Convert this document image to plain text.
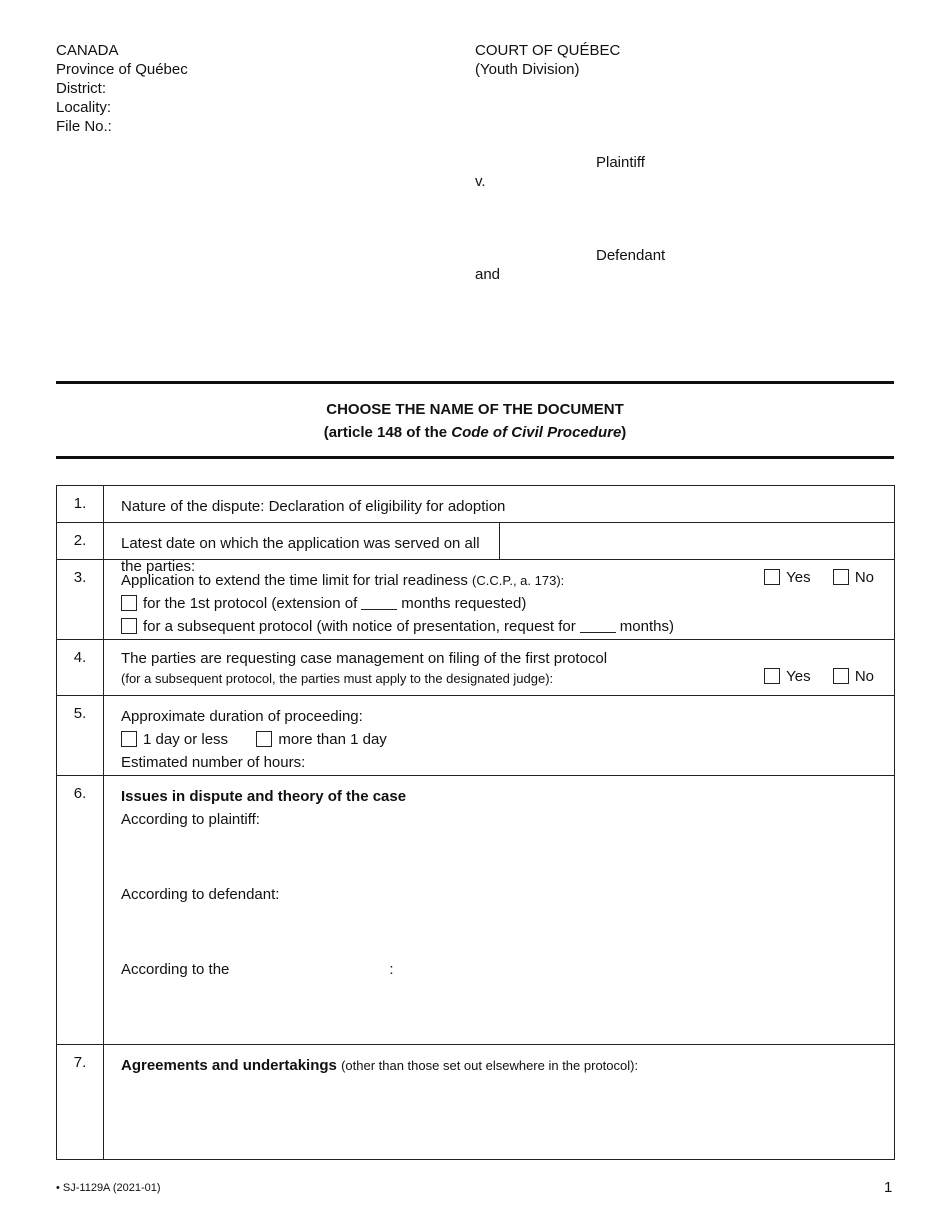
CANADA
Province of Québec
District:
Locality:
File No.:
COURT OF QUÉBEC
(Youth Division)
Plaintiff
v.
Defendant
and
CHOOSE THE NAME OF THE DOCUMENT
(article 148 of the Code of Civil Procedure)
1.	Nature of the dispute: Declaration of eligibility for adoption	

2.	Latest date on which the application was served on all the parties:	

3.	Application to extend the time limit for trial readiness (C.C.P., a. 173): Yes No
for the 1st protocol (extension of months requested)
for a subsequent protocol (with notice of presentation, request for months)	

4.	The parties are requesting case management on filing of the first protocol
(for a subsequent protocol, the parties must apply to the designated judge): Yes No	

5.	Approximate duration of proceeding:
1 day or less more than 1 day
Estimated number of hours:	

6.	Issues in dispute and theory of the case
According to plaintiff:
According to defendant:
According to the :	

7.	Agreements and undertakings (other than those set out elsewhere in the protocol):	
• SJ-1129A (2021-01)	1
